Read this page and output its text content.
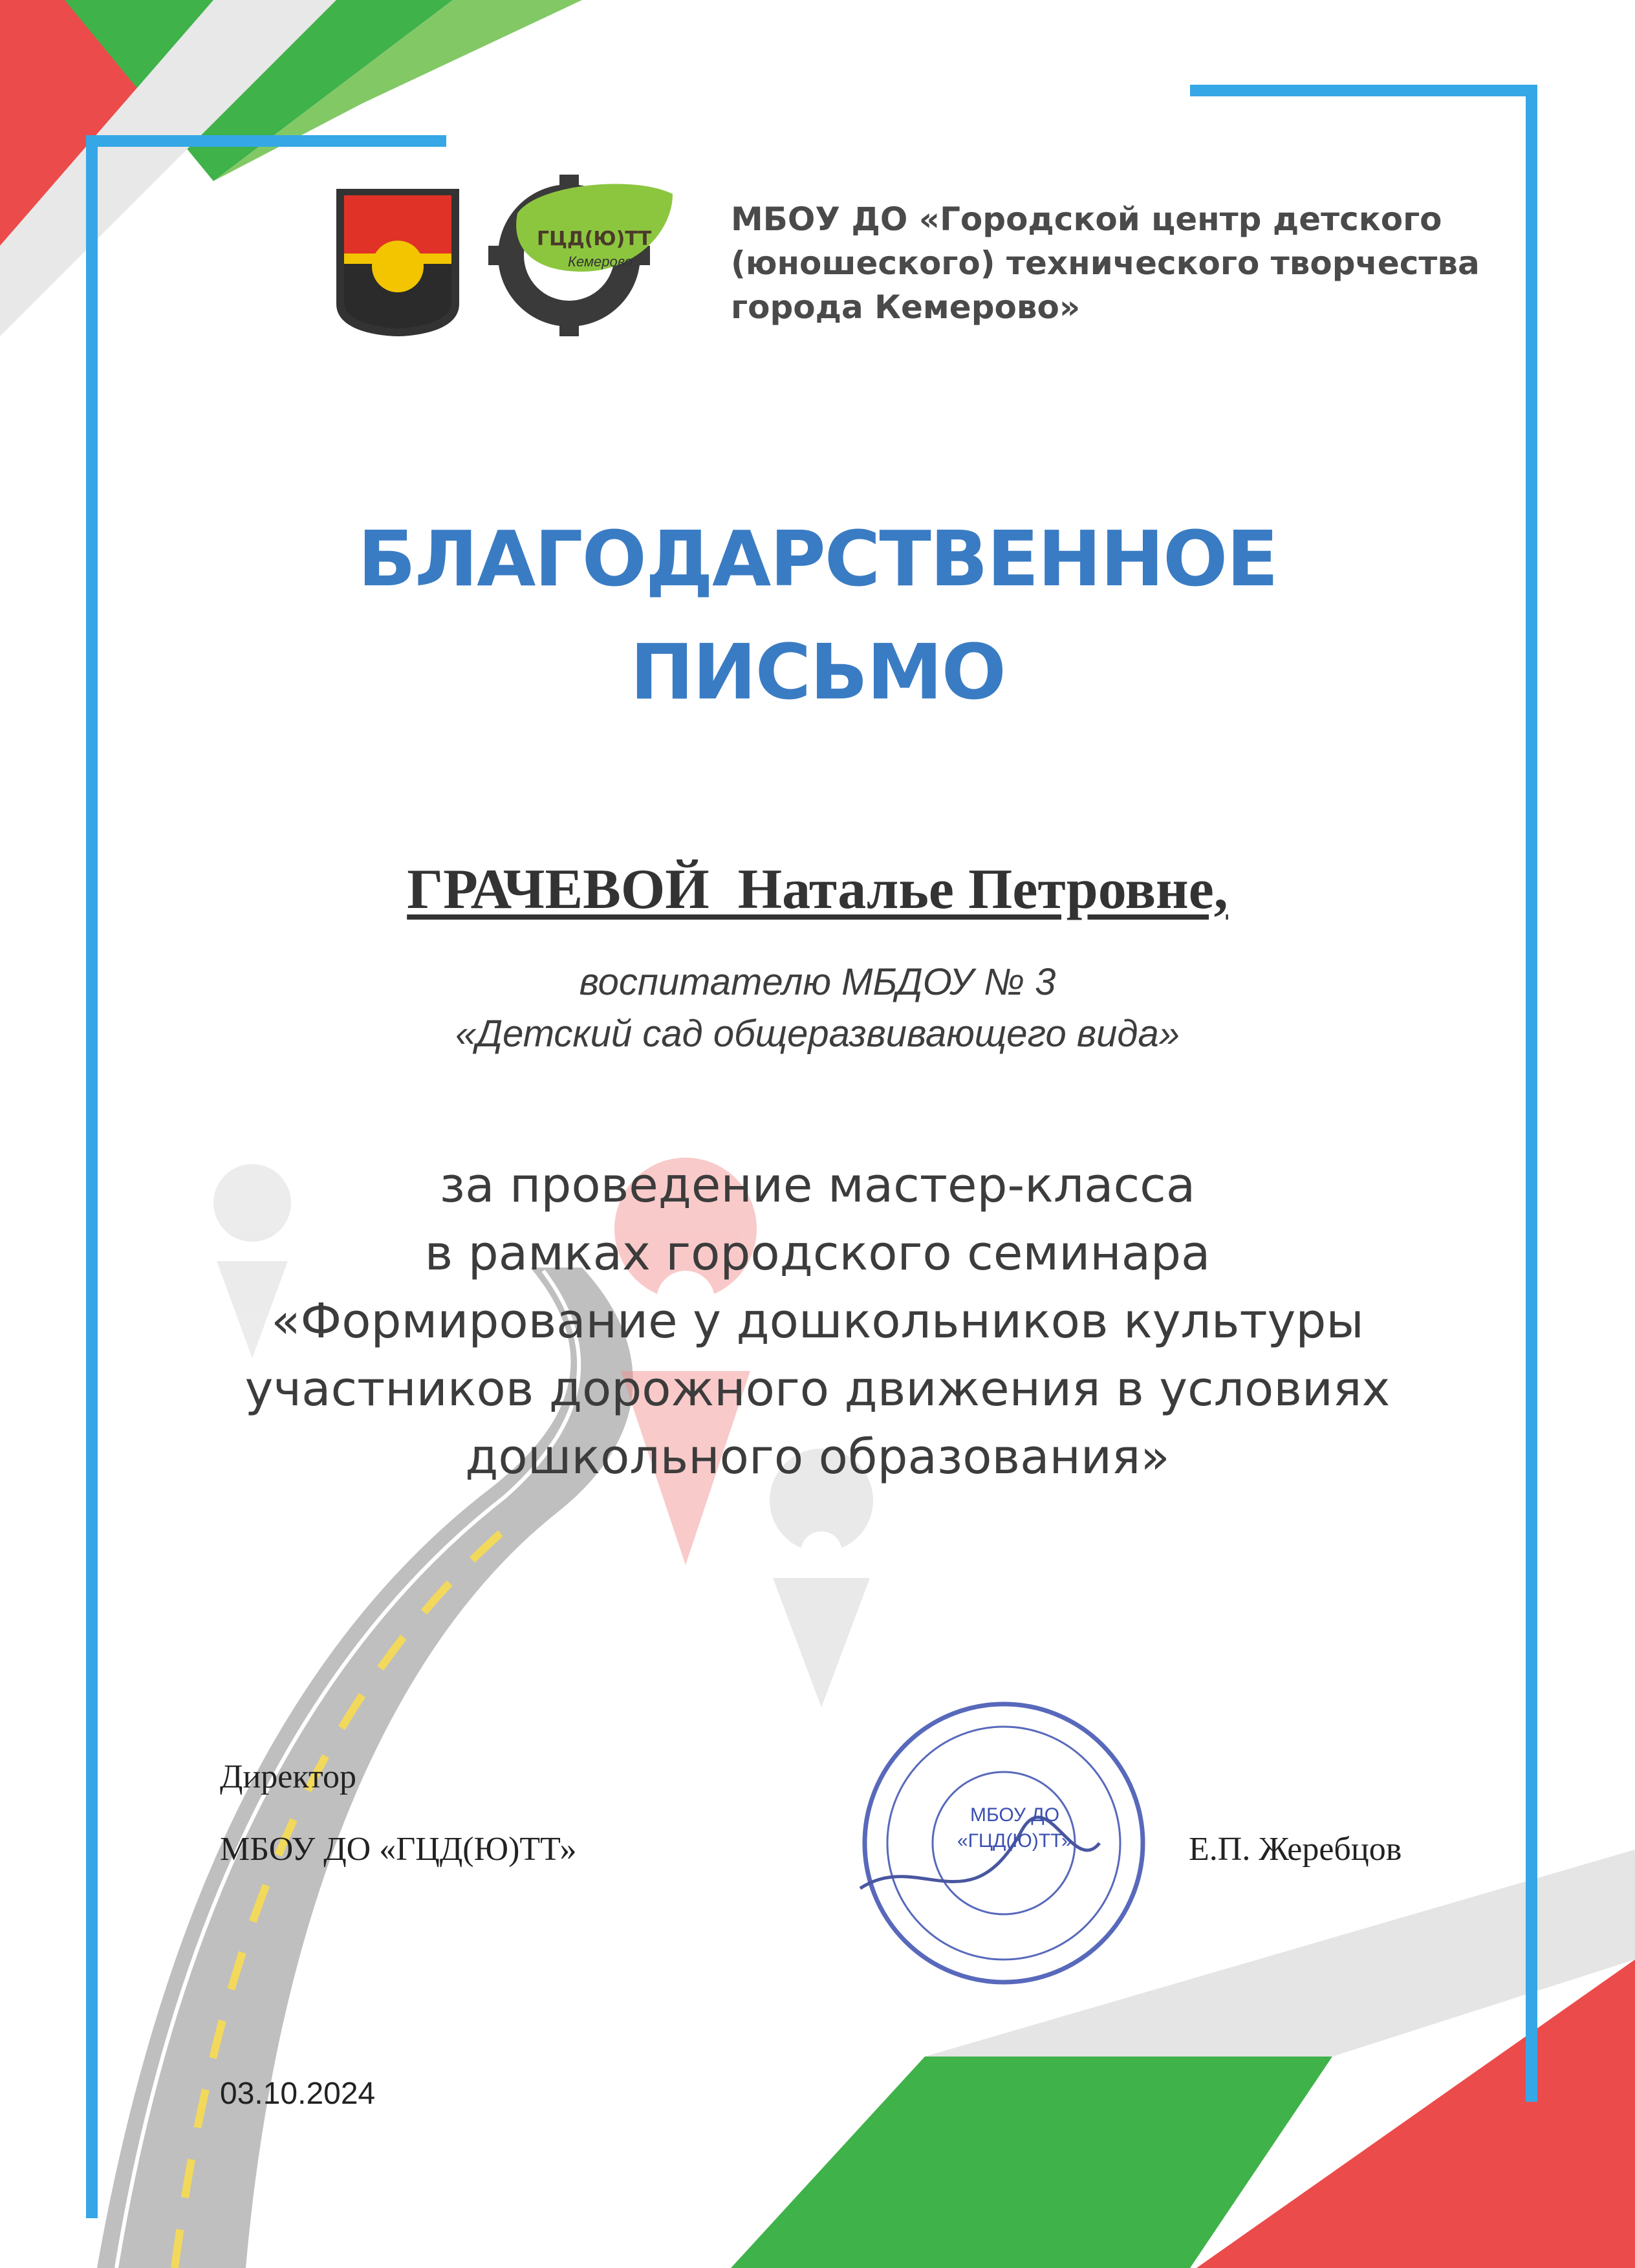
МБОУ ДО «Городской центр детского
(юношеского) технического творчества
города Кемерово»
ГЦД(Ю)ТТ
Кемерово
БЛАГОДАРСТВЕННОЕ
ПИСЬМО
ГРАЧЕВОЙ  Наталье Петровне,
воспитателю МБДОУ № 3
«Детский сад общеразвивающего вида»
за проведение мастер-класса
в рамках городского семинара
«Формирование у дошкольников культуры
участников дорожного движения в условиях
дошкольного образования»
МБОУ ДО
«ГЦД(Ю)ТТ»
Директор
МБОУ ДО «ГЦД(Ю)ТТ»	Е.П. Жеребцов
03.10.2024
